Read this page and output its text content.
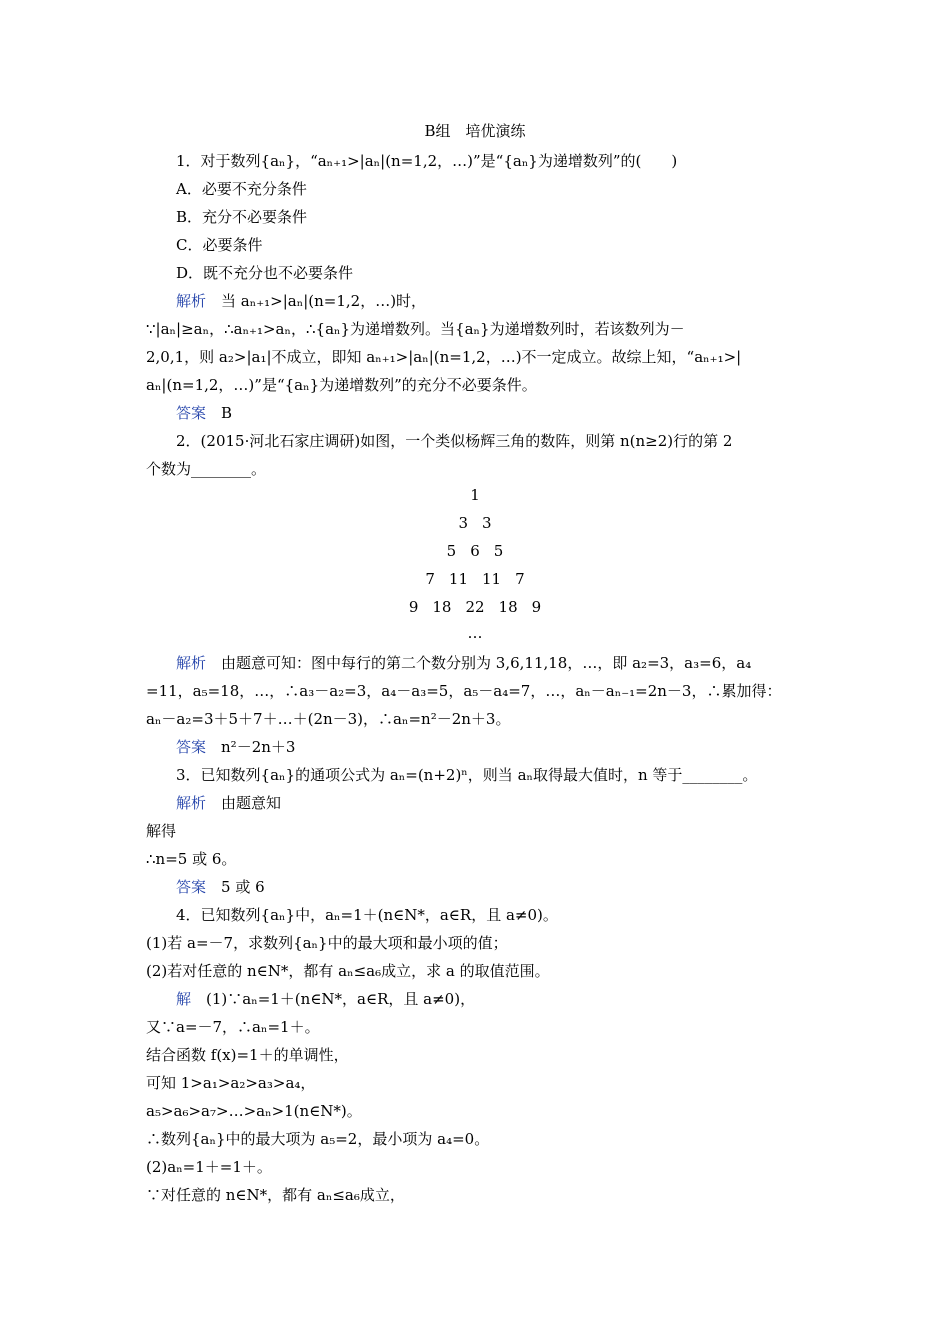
B组　培优演练
1．对于数列{aₙ}，“aₙ₊₁>|aₙ|(n=1,2，…)”是“{aₙ}为递增数列”的(　　)
A．必要不充分条件
B．充分不必要条件
C．必要条件
D．既不充分也不必要条件
解析　当 aₙ₊₁>|aₙ|(n=1,2，…)时，
∵|aₙ|≥aₙ，∴aₙ₊₁>aₙ，∴{aₙ}为递增数列。当{aₙ}为递增数列时，若该数列为－
2,0,1，则 a₂>|a₁|不成立，即知 aₙ₊₁>|aₙ|(n=1,2，…)不一定成立。故综上知，“aₙ₊₁>|
aₙ|(n=1,2，…)”是“{aₙ}为递增数列”的充分不必要条件。
答案　B
2．(2015·河北石家庄调研)如图，一个类似杨辉三角的数阵，则第 n(n≥2)行的第 2
个数为________。
解析　由题意可知：图中每行的第二个数分别为 3,6,11,18，…，即 a₂=3，a₃=6，a₄
=11，a₅=18，…，∴a₃－a₂=3，a₄－a₃=5，a₅－a₄=7，…，aₙ－aₙ₋₁=2n－3，∴累加得：
aₙ－a₂=3＋5＋7＋…＋(2n－3)，∴aₙ=n²－2n＋3。
答案　n²－2n＋3
3．已知数列{aₙ}的通项公式为 aₙ=(n+2)ⁿ，则当 aₙ取得最大值时，n 等于________。
解析　由题意知
解得
∴n=5 或 6。
答案　5 或 6
4．已知数列{aₙ}中，aₙ=1＋(n∈N*，a∈R，且 a≠0)。
(1)若 a=－7，求数列{aₙ}中的最大项和最小项的值；
(2)若对任意的 n∈N*，都有 aₙ≤a₆成立，求 a 的取值范围。
解　(1)∵aₙ=1＋(n∈N*，a∈R，且 a≠0)，
又∵a=－7，∴aₙ=1＋。
结合函数 f(x)=1＋的单调性，
可知 1>a₁>a₂>a₃>a₄，
a₅>a₆>a₇>…>aₙ>1(n∈N*)。
∴数列{aₙ}中的最大项为 a₅=2，最小项为 a₄=0。
(2)aₙ=1＋=1＋。
∵对任意的 n∈N*，都有 aₙ≤a₆成立，
1
3 3
5 6 5
7 11 11 7
9 18 22 18 9
…
